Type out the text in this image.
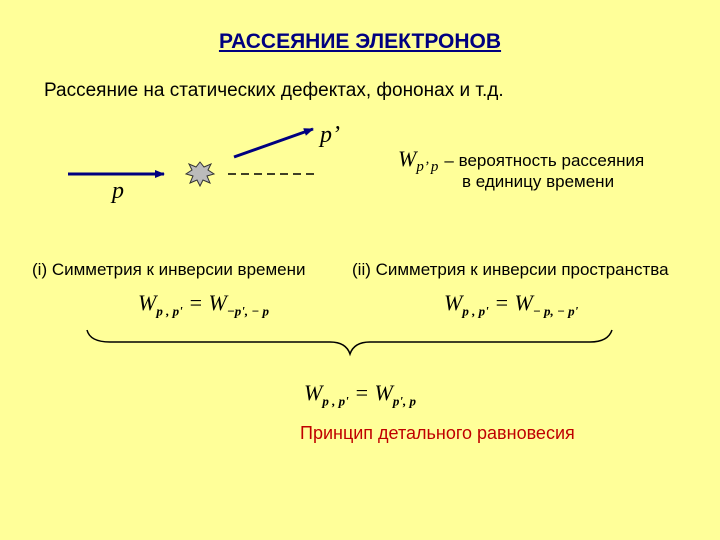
РАССЕЯНИЕ ЭЛЕКТРОНОВ
Рассеяние на статических дефектах, фононах и т.д.
p
p’
Wp’ p – вероятность рассеяния
в единицу времени
(i) Симметрия к инверсии времени	(ii) Симметрия к инверсии пространства
$W_{p , p'} = W_{-p', - p}$	$W_{p , p'} = W_{- p, - p'}$
$W_{p , p'} = W_{p', p}$
Принцип детального равновесия
